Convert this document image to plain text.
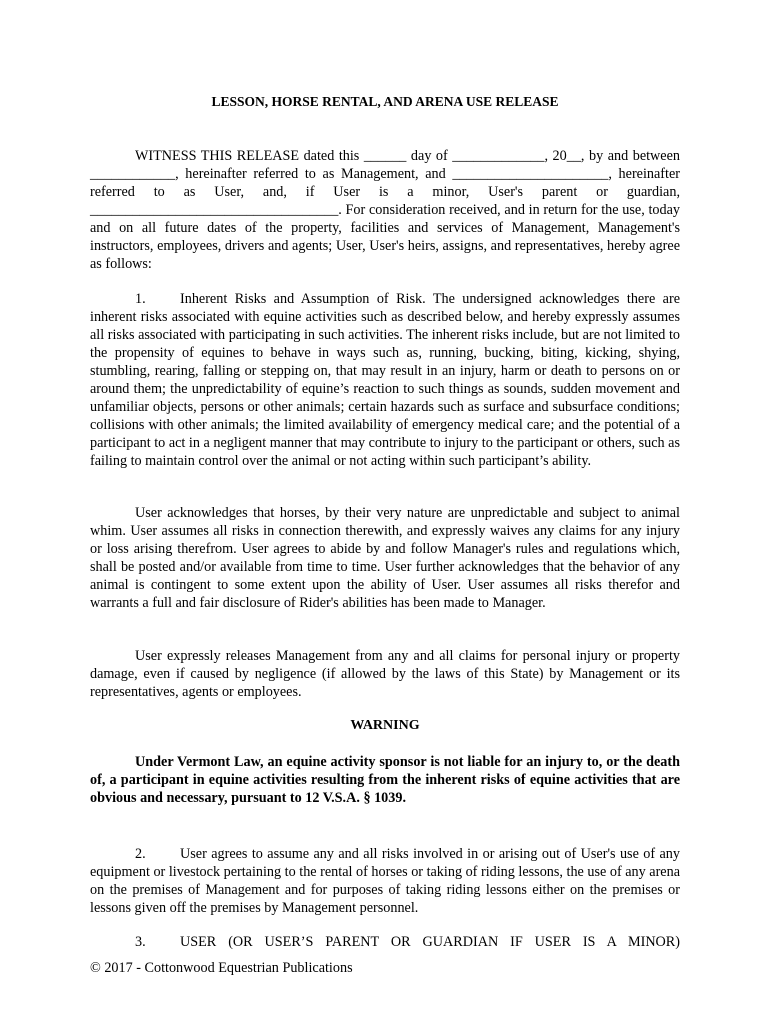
LESSON, HORSE RENTAL, AND ARENA USE RELEASE
WITNESS THIS RELEASE dated this ______ day of _____________, 20__, by and between ____________, hereinafter referred to as Management, and ______________________, hereinafter referred to as User, and, if User is a minor, User's parent or guardian, ___________________________________. For consideration received, and in return for the use, today and on all future dates of the property, facilities and services of Management, Management's instructors, employees, drivers and agents; User, User's heirs, assigns, and representatives, hereby agree as follows:
1. Inherent Risks and Assumption of Risk. The undersigned acknowledges there are inherent risks associated with equine activities such as described below, and hereby expressly assumes all risks associated with participating in such activities. The inherent risks include, but are not limited to the propensity of equines to behave in ways such as, running, bucking, biting, kicking, shying, stumbling, rearing, falling or stepping on, that may result in an injury, harm or death to persons on or around them; the unpredictability of equine’s reaction to such things as sounds, sudden movement and unfamiliar objects, persons or other animals; certain hazards such as surface and subsurface conditions; collisions with other animals; the limited availability of emergency medical care; and the potential of a participant to act in a negligent manner that may contribute to injury to the participant or others, such as failing to maintain control over the animal or not acting within such participant’s ability.
User acknowledges that horses, by their very nature are unpredictable and subject to animal whim. User assumes all risks in connection therewith, and expressly waives any claims for any injury or loss arising therefrom. User agrees to abide by and follow Manager's rules and regulations which, shall be posted and/or available from time to time. User further acknowledges that the behavior of any animal is contingent to some extent upon the ability of User. User assumes all risks therefor and warrants a full and fair disclosure of Rider's abilities has been made to Manager.
User expressly releases Management from any and all claims for personal injury or property damage, even if caused by negligence (if allowed by the laws of this State) by Management or its representatives, agents or employees.
WARNING
Under Vermont Law, an equine activity sponsor is not liable for an injury to, or the death of, a participant in equine activities resulting from the inherent risks of equine activities that are obvious and necessary, pursuant to 12 V.S.A. § 1039.
2. User agrees to assume any and all risks involved in or arising out of User's use of any equipment or livestock pertaining to the rental of horses or taking of riding lessons, the use of any arena on the premises of Management and for purposes of taking riding lessons either on the premises or lessons given off the premises by Management personnel.
3. USER (OR USER’S PARENT OR GUARDIAN IF USER IS A MINOR)
© 2017 - Cottonwood Equestrian Publications
